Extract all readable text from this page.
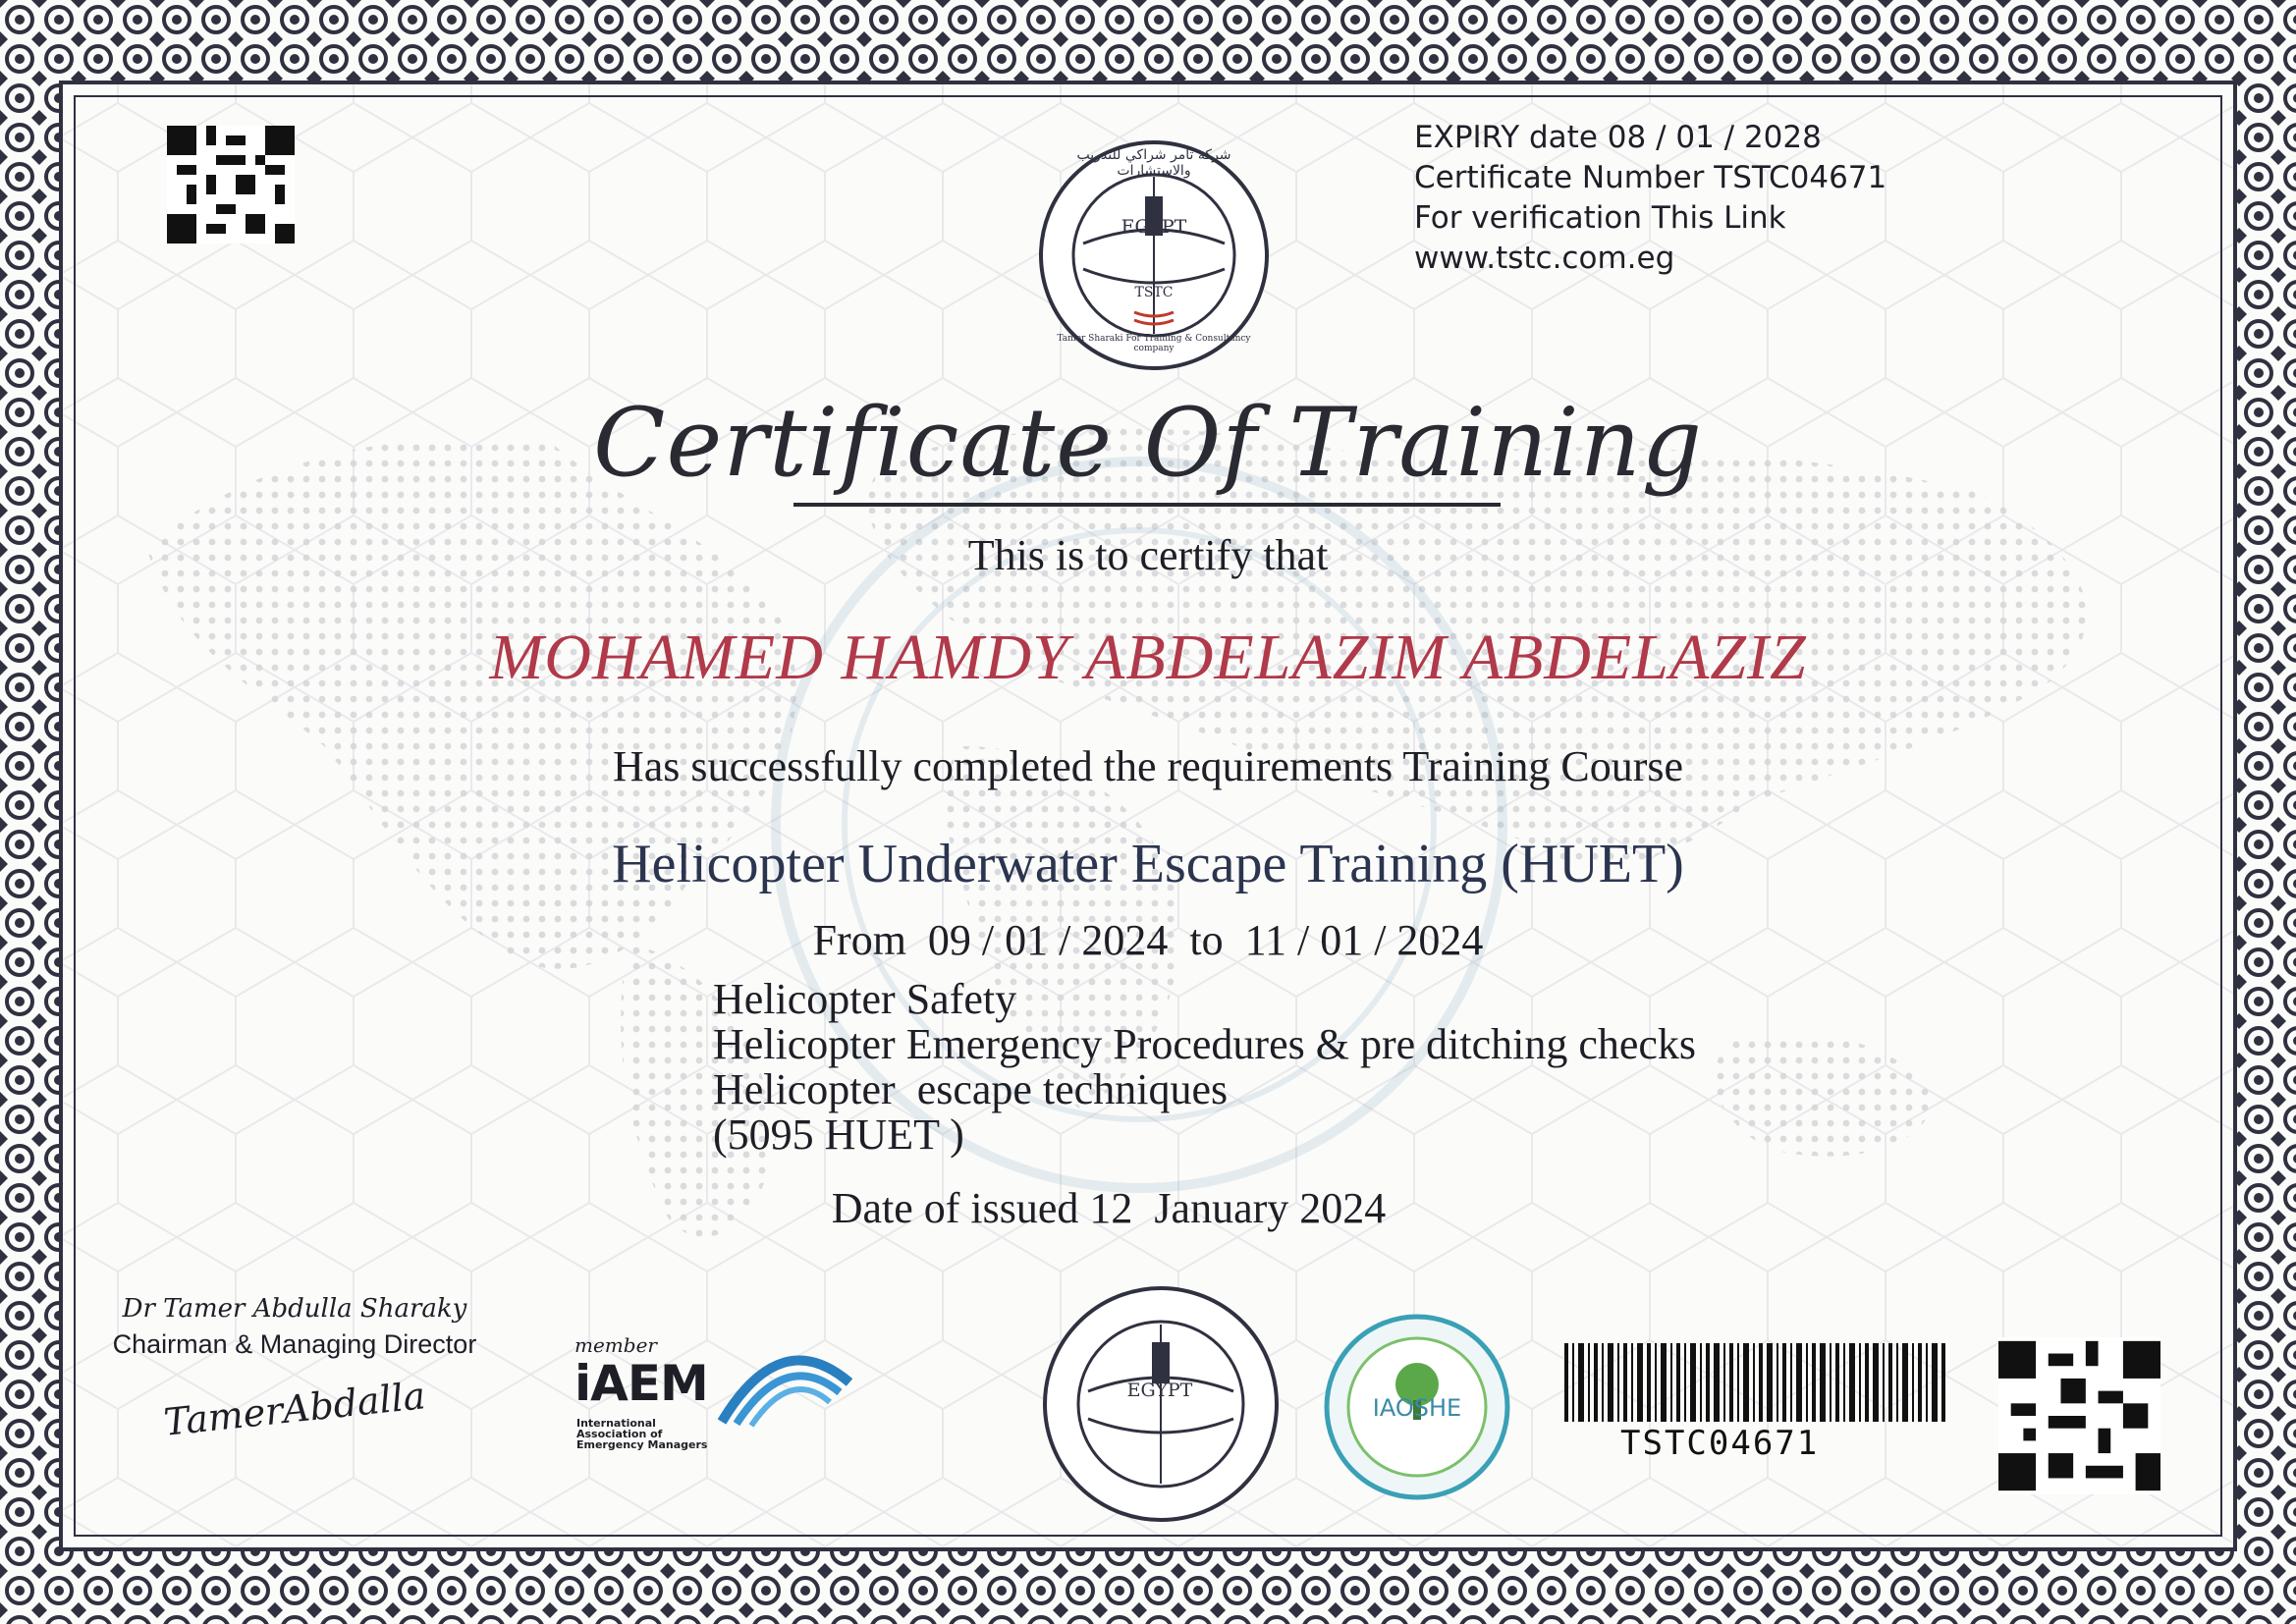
EGYPT
TSTC
شركة تامر شراكي للتدريب والاستشارات
Tamer Sharaki For Training & Consultancy company
EXPIRY date 08 / 01 / 2028
Certificate Number TSTC04671
For verification This Link
www.tstc.com.eg
Certificate Of Training
This is to certify that
MOHAMED HAMDY ABDELAZIM ABDELAZIZ
Has successfully completed the requirements Training Course
Helicopter Underwater Escape Training (HUET)
From  09 / 01 / 2024  to  11 / 01 / 2024
Helicopter Safety
Helicopter Emergency Procedures & pre ditching checks
Helicopter  escape techniques
(5095 HUET )
Date of issued 12  January 2024
Dr Tamer Abdulla Sharaky
Chairman & Managing Director
TamerAbdalla
member
iAEM
International
Association of
Emergency Managers
EGYPT
IAOSHE
TSTC04671
